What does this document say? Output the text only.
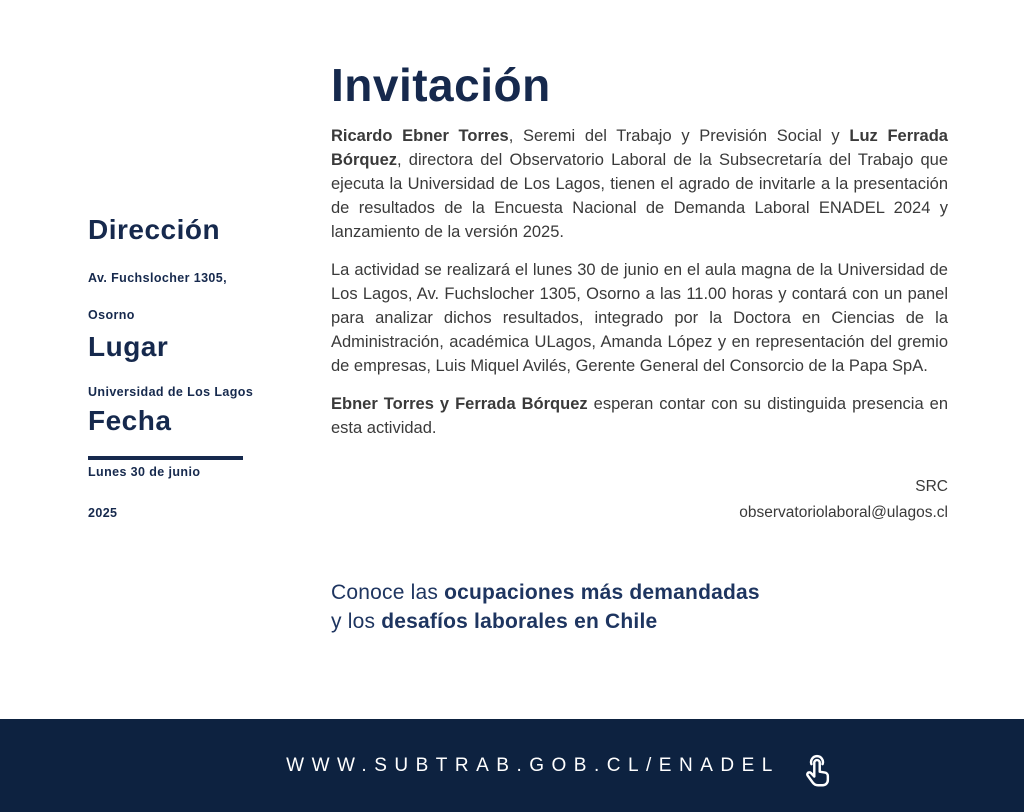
Dirección
Av. Fuchslocher 1305,
Osorno
Lugar
Universidad de Los Lagos
Fecha
Lunes 30 de junio
2025
Invitación

Ricardo Ebner Torres, Seremi del Trabajo y Previsión Social y Luz Ferrada Bórquez, directora del Observatorio Laboral de la Subsecretaría del Trabajo que ejecuta la Universidad de Los Lagos, tienen el agrado de invitarle a la presentación de resultados de la Encuesta Nacional de Demanda Laboral ENADEL 2024 y lanzamiento de la versión 2025.

La actividad se realizará el lunes 30 de junio en el aula magna de la Universidad de Los Lagos, Av. Fuchslocher 1305, Osorno a las 11.00 horas y contará con un panel para analizar dichos resultados, integrado por la Doctora en Ciencias de la Administración, académica ULagos, Amanda López y en representación del gremio de empresas, Luis Miquel Avilés, Gerente General del Consorcio de la Papa SpA.

Ebner Torres y Ferrada Bórquez esperan contar con su distinguida presencia en esta actividad.

SRC
observatoriolaboral@ulagos.cl
Conoce las ocupaciones más demandadas
y los desafíos laborales en Chile
WWW.SUBTRAB.GOB.CL/ENADEL
